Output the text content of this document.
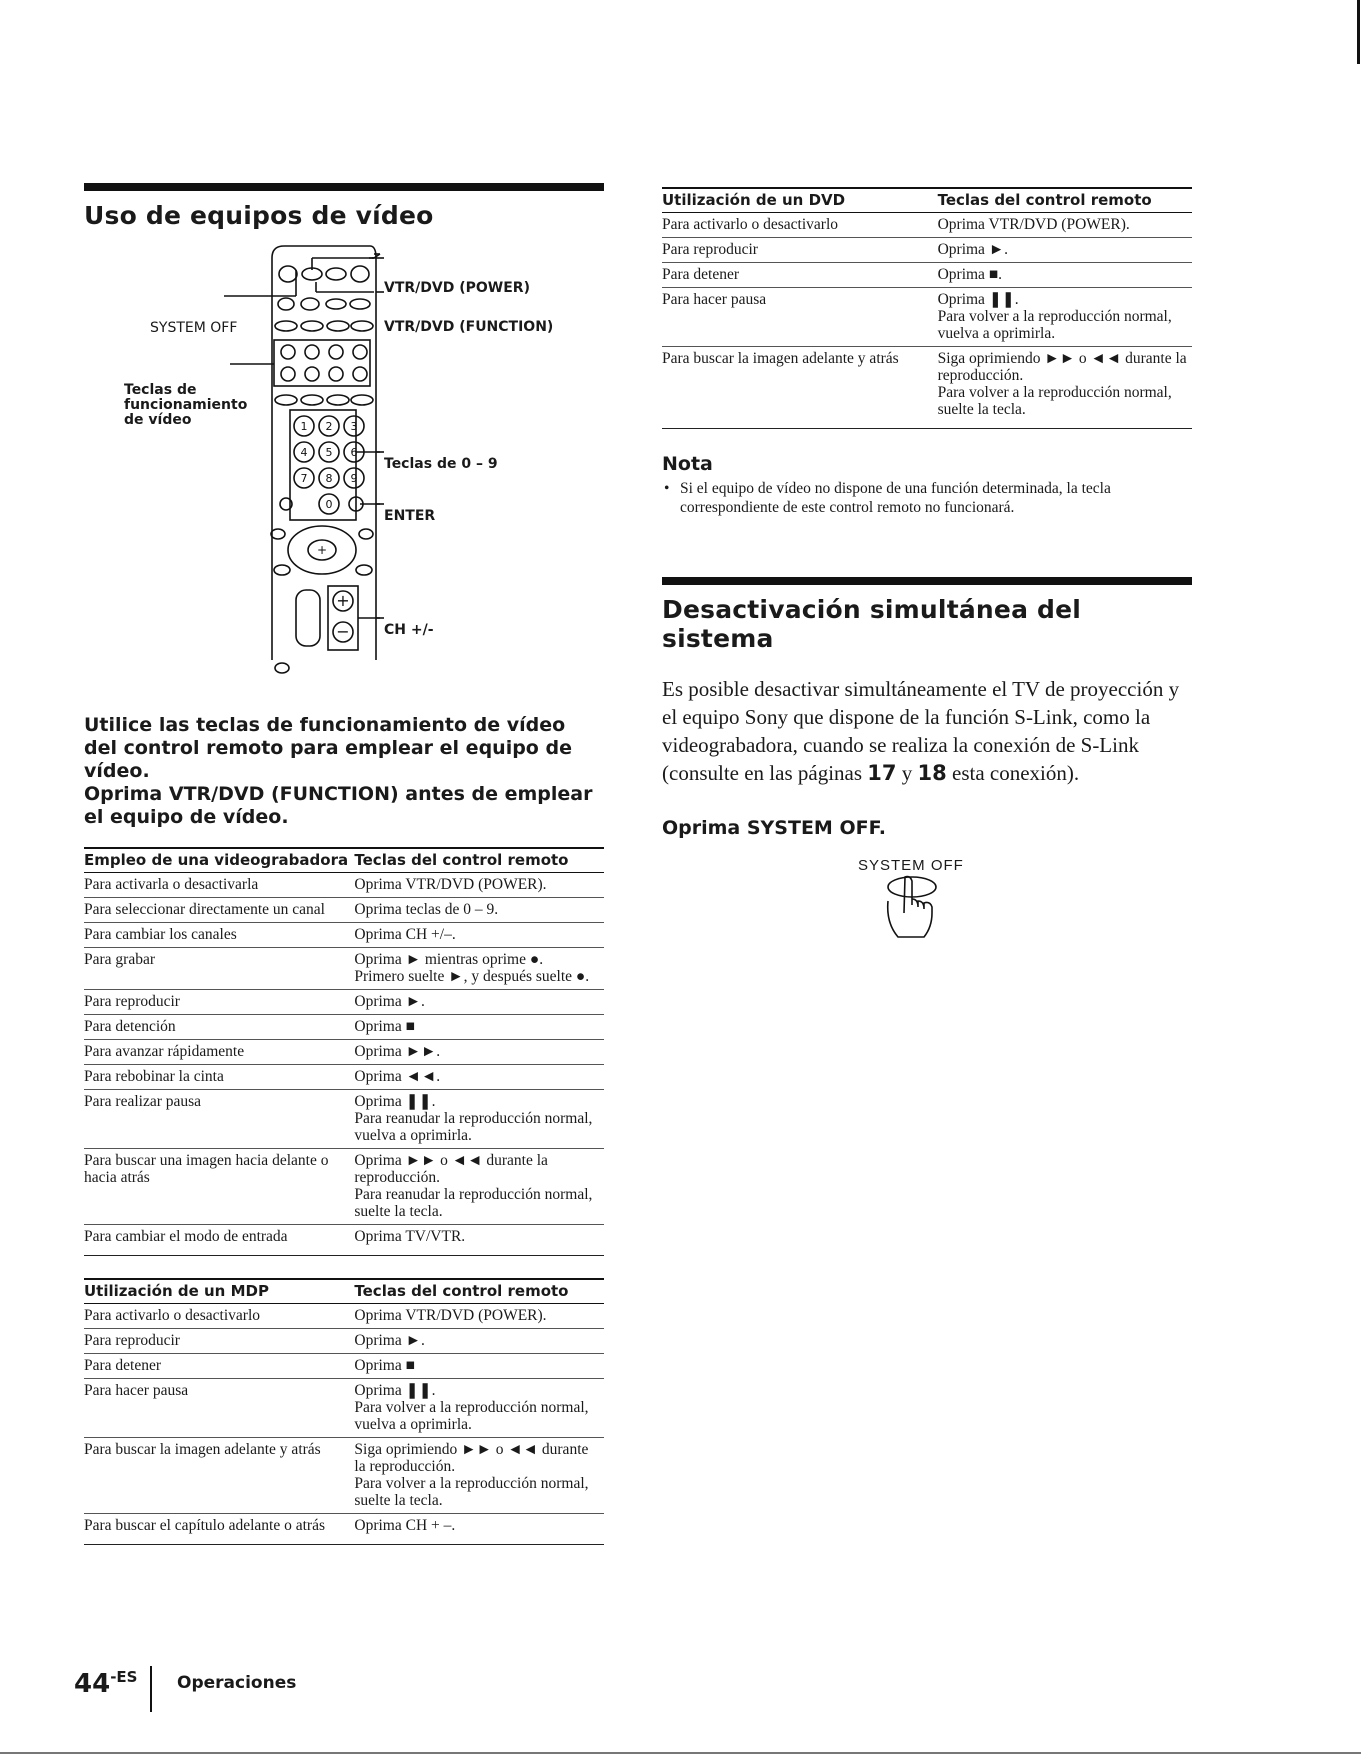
Uso de equipos de vídeo
1 2 3
4 5 6
7 8 9
0
+
−
+
VTR/DVD (POWER)
SYSTEM OFF	VTR/DVD (FUNCTION)
Teclas de
funcionamiento
de vídeo
Teclas de 0 – 9
ENTER
CH +/-

Utilice las teclas de funcionamiento de vídeo del control remoto para emplear el equipo de vídeo.

Oprima VTR/DVD (FUNCTION) antes de emplear el equipo de vídeo.

Empleo de una videograbadora	Teclas del control remoto
Para activarla o desactivarla	Oprima VTR/DVD (POWER).

Para seleccionar directamente un canal	Oprima teclas de 0 – 9.

Para cambiar los canales	Oprima CH +/–.

Para grabar	Oprima ► mientras oprime ●.
Primero suelte ►, y después suelte ●.

Para reproducir	Oprima ►.

Para detención	Oprima ■

Para avanzar rápidamente	Oprima ►►.

Para rebobinar la cinta	Oprima ◄◄.

Para realizar pausa	Oprima ❚❚.
Para reanudar la reproducción normal, vuelva a oprimirla.

Para buscar una imagen hacia delante o hacia atrás	Oprima ►► o ◄◄ durante la reproducción.
Para reanudar la reproducción normal, suelte la tecla.

Para cambiar el modo de entrada	Oprima TV/VTR.
Utilización de un MDP	Teclas del control remoto
Para activarlo o desactivarlo	Oprima VTR/DVD (POWER).

Para reproducir	Oprima ►.

Para detener	Oprima ■

Para hacer pausa	Oprima ❚❚.
Para volver a la reproducción normal, vuelva a oprimirla.

Para buscar la imagen adelante y atrás	Siga oprimiendo ►► o ◄◄ durante la reproducción.
Para volver a la reproducción normal, suelte la tecla.

Para buscar el capítulo adelante o atrás	Oprima CH + –.
Utilización de un DVD	Teclas del control remoto
Para activarlo o desactivarlo	Oprima VTR/DVD (POWER).

Para reproducir	Oprima ►.

Para detener	Oprima ■.

Para hacer pausa	Oprima ❚❚.
Para volver a la reproducción normal, vuelva a oprimirla.

Para buscar la imagen adelante y atrás	Siga oprimiendo ►► o ◄◄ durante la reproducción.
Para volver a la reproducción normal, suelte la tecla.
Nota
• Si el equipo de vídeo no dispone de una función determinada, la tecla correspondiente de este control remoto no funcionará.
Desactivación simultánea del sistema

Es posible desactivar simultáneamente el TV de proyección y el equipo Sony que dispone de la función S-Link, como la videograbadora, cuando se realiza la conexión de S-Link (consulte en las páginas 17 y 18 esta conexión).

Oprima SYSTEM OFF.
SYSTEM OFF
$44^{-ES}$ Operaciones
